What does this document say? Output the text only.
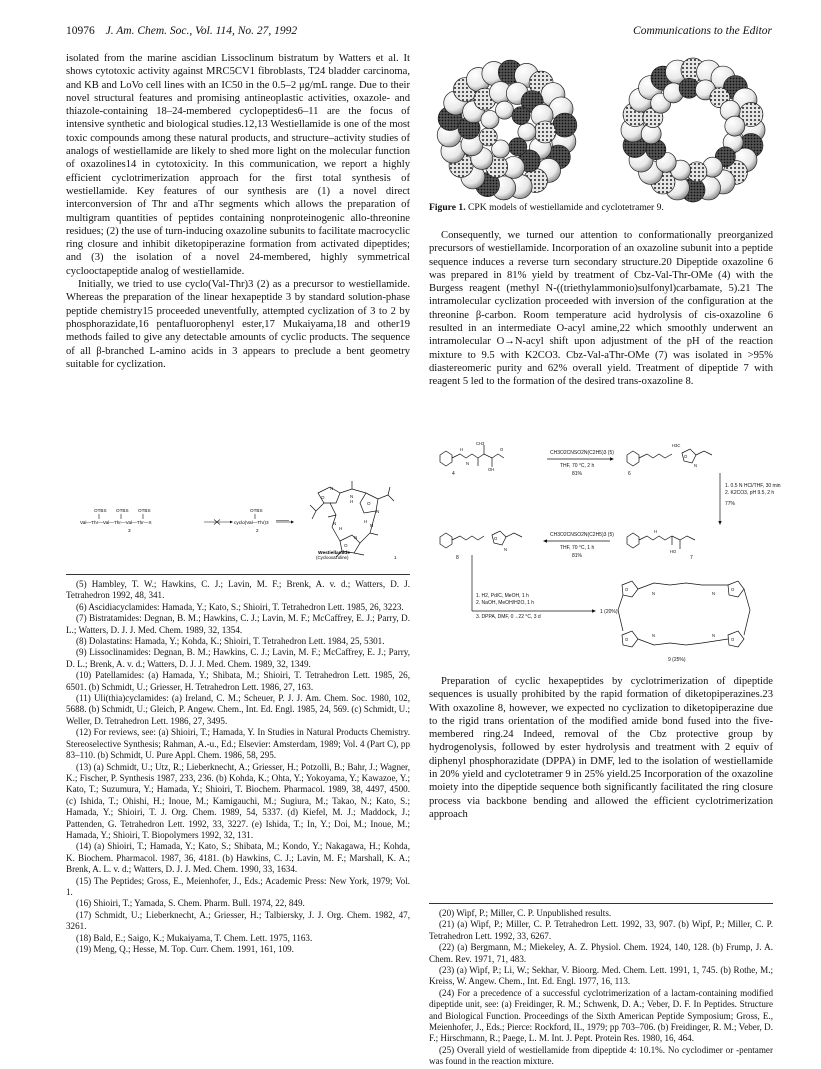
10976 J. Am. Chem. Soc., Vol. 114, No. 27, 1992	Communications to the Editor

isolated from the marine ascidian Lissoclinum bistratum by Watters et al. It shows cytotoxic activity against MRC5CV1 fibroblasts, T24 bladder carcinoma, and KB and LoVo cell lines with an IC50 in the 0.5–2 μg/mL range. Due to their novel structural features and promising antineoplastic activities, oxazole- and thiazole-containing 18–24-membered cyclopeptides6–11 are the focus of intensive synthetic and biological studies.12,13 Westiellamide is one of the most toxic compounds among these natural products, and structure–activity studies of analogs of westiellamide are likely to shed more light on the molecular function of oxazolines14 in cytotoxicity. In this communication, we report a highly efficient cyclotrimerization approach for the first total synthesis of westiellamide. Key features of our synthesis are (1) a novel direct interconversion of Thr and aThr segments which allows the preparation of multigram quantities of peptides containing nonproteinogenic allo-threonine residues; (2) the use of turn-inducing oxazoline subunits to facilitate macrocyclic ring closure and inhibit diketopiperazine formation from activated dipeptides; and (3) the isolation of a novel 24-membered, highly symmetrical cyclooctapeptide analog of westiellamide.

Initially, we tried to use cyclo(Val-Thr)3 (2) as a precursor to westiellamide. Whereas the preparation of the linear hexapeptide 3 by standard solution-phase peptide chemistry15 proceeded uneventfully, attempted cyclization of 3 to 2 by phosphorazidate,16 pentafluorophenyl ester,17 Mukaiyama,18 and other19 methods failed to give any detectable amounts of cyclic products. The sequence of all β-branched L-amino acids in 3 appears to preclude a bent geometry suitable for cyclization.

OTBS OTBS OTBS	OTBS
Val—Thr—Val—Thr—Val—Thr—X
3
cyclo(Val—Thr)3
2
O
O
O
N
H
N
H
N
H
N
N
N
Westiellamide
(Cyclooxazoline)	1

(5) Hambley, T. W.; Hawkins, C. J.; Lavin, M. F.; Brenk, A. v. d.; Watters, D. J. Tetrahedron 1992, 48, 341.

(6) Ascidiacyclamides: Hamada, Y.; Kato, S.; Shioiri, T. Tetrahedron Lett. 1985, 26, 3223.

(7) Bistratamides: Degnan, B. M.; Hawkins, C. J.; Lavin, M. F.; McCaffrey, E. J.; Parry, D. L.; Watters, D. J. J. Med. Chem. 1989, 32, 1354.

(8) Dolastatins: Hamada, Y.; Kohda, K.; Shioiri, T. Tetrahedron Lett. 1984, 25, 5301.

(9) Lissoclinamides: Degnan, B. M.; Hawkins, C. J.; Lavin, M. F.; McCaffrey, E. J.; Parry, D. L.; Brenk, A. v. d.; Watters, D. J. J. Med. Chem. 1989, 32, 1349.

(10) Patellamides: (a) Hamada, Y.; Shibata, M.; Shioiri, T. Tetrahedron Lett. 1985, 26, 6501. (b) Schmidt, U.; Griesser, H. Tetrahedron Lett. 1986, 27, 163.

(11) Uli(thia)cyclamides: (a) Ireland, C. M.; Scheuer, P. J. J. Am. Chem. Soc. 1980, 102, 5688. (b) Schmidt, U.; Gleich, P. Angew. Chem., Int. Ed. Engl. 1985, 24, 569. (c) Schmidt, U.; Weller, D. Tetrahedron Lett. 1986, 27, 3495.

(12) For reviews, see: (a) Shioiri, T.; Hamada, Y. In Studies in Natural Products Chemistry. Stereoselective Synthesis; Rahman, A.-u., Ed.; Elsevier: Amsterdam, 1989; Vol. 4 (Part C), pp 83–110. (b) Schmidt, U. Pure Appl. Chem. 1986, 58, 295.

(13) (a) Schmidt, U.; Utz, R.; Lieberknecht, A.; Griesser, H.; Potzolli, B.; Bahr, J.; Wagner, K.; Fischer, P. Synthesis 1987, 233, 236. (b) Kohda, K.; Ohta, Y.; Yokoyama, Y.; Kawazoe, Y.; Kato, T.; Suzumura, Y.; Hamada, Y.; Shioiri, T. Biochem. Pharmacol. 1989, 38, 4497, 4500. (c) Ishida, T.; Ohishi, H.; Inoue, M.; Kamigauchi, M.; Sugiura, M.; Takao, N.; Kato, S.; Hamada, Y.; Shioiri, T. J. Org. Chem. 1989, 54, 5337. (d) Kiefel, M. J.; Maddock, J.; Pattenden, G. Tetrahedron Lett. 1992, 33, 3227. (e) Ishida, T.; In, Y.; Doi, M.; Inoue, M.; Hamada, Y.; Shioiri, T. Biopolymers 1992, 32, 131.

(14) (a) Shioiri, T.; Hamada, Y.; Kato, S.; Shibata, M.; Kondo, Y.; Nakagawa, H.; Kohda, K. Biochem. Pharmacol. 1987, 36, 4181. (b) Hawkins, C. J.; Lavin, M. F.; Marshall, K. A.; Brenk, A. L. v. d.; Watters, D. J. J. Med. Chem. 1990, 33, 1634.

(15) The Peptides; Gross, E., Meienhofer, J., Eds.; Academic Press: New York, 1979; Vol. 1.

(16) Shioiri, T.; Yamada, S. Chem. Pharm. Bull. 1974, 22, 849.

(17) Schmidt, U.; Lieberknecht, A.; Griesser, H.; Talbiersky, J. J. Org. Chem. 1982, 47, 3261.

(18) Bald, E.; Saigo, K.; Mukaiyama, T. Chem. Lett. 1975, 1163.

(19) Meng, Q.; Hesse, M. Top. Curr. Chem. 1991, 161, 109.

Figure 1. CPK models of westiellamide and cyclotetramer 9.

Consequently, we turned our attention to conformationally preorganized precursors of westiellamide. Incorporation of an oxazoline subunit into a peptide sequence induces a reverse turn secondary structure.20 Dipeptide oxazoline 6 was prepared in 81% yield by treatment of Cbz-Val-Thr-OMe (4) with the Burgess reagent (methyl N-((triethylammonio)sulfonyl)carbamate, 5).21 The intramolecular cyclization proceeded with inversion of the configuration at the threonine β-carbon. Room temperature acid hydrolysis of cis-oxazoline 6 resulted in an intermediate O-acyl amine,22 which smoothly underwent an intramolecular O→N-acyl shift upon adjustment of the pH of the reaction mixture to 9.5 with K2CO3. Cbz-Val-aThr-OMe (7) was isolated in >95% diastereomeric purity and 62% overall yield. Treatment of dipeptide 7 with reagent 5 led to the formation of the desired trans-oxazoline 8.

CH3O2CNSO2N(C2H5)3 (5)
THF, 70 °C, 2 h
81%
1. 0.5 N HCl/THF, 30 min
2. K2CO3, pH 9.5, 2 h
77%
CH3O2CNSO2N(C2H5)3 (5)
THF, 70 °C, 1 h
81%
1. H2, Pd/C, MeOH, 1 h
2. NaOH, MeOH/H2O, 1 h
3. DPPA, DMF, 0→22 °C, 3 d
1 (20%)
9 (25%)
4	6
7
8
H
N
CH3
OH
O
H3C
O
N
O
N	HO
H
O	O
O	O
N	N
N	N

Preparation of cyclic hexapeptides by cyclotrimerization of dipeptide sequences is usually prohibited by the rapid formation of diketopiperazines.23 With oxazoline 8, however, we expected no cyclization to diketopiperazine due to the rigid trans orientation of the modified amide bond fused into the five-membered ring.24 Indeed, removal of the Cbz protective group by hydrogenolysis, followed by ester hydrolysis and treatment with 2 equiv of diphenyl phosphorazidate (DPPA) in DMF, led to the isolation of westiellamide in 20% yield and cyclotetramer 9 in 25% yield.25 Incorporation of the oxazoline moiety into the dipeptide sequence both significantly facilitated the ring closure process via backbone bending and allowed the efficient cyclotrimerization approach

(20) Wipf, P.; Miller, C. P. Unpublished results.

(21) (a) Wipf, P.; Miller, C. P. Tetrahedron Lett. 1992, 33, 907. (b) Wipf, P.; Miller, C. P. Tetrahedron Lett. 1992, 33, 6267.

(22) (a) Bergmann, M.; Miekeley, A. Z. Physiol. Chem. 1924, 140, 128. (b) Frump, J. A. Chem. Rev. 1971, 71, 483.

(23) (a) Wipf, P.; Li, W.; Sekhar, V. Bioorg. Med. Chem. Lett. 1991, 1, 745. (b) Rothe, M.; Kreiss, W. Angew. Chem., Int. Ed. Engl. 1977, 16, 113.

(24) For a precedence of a successful cyclotrimerization of a lactam-containing modified dipeptide unit, see: (a) Freidinger, R. M.; Schwenk, D. A.; Veber, D. F. In Peptides. Structure and Biological Function. Proceedings of the Sixth American Peptide Symposium; Gross, E., Meienhofer, J., Eds.; Pierce: Rockford, IL, 1979; pp 703–706. (b) Freidinger, R. M.; Veber, D. F.; Hirschmann, R.; Paege, L. M. Int. J. Pept. Protein Res. 1980, 16, 464.

(25) Overall yield of westiellamide from dipeptide 4: 10.1%. No cyclodimer or -pentamer was found in the reaction mixture.
